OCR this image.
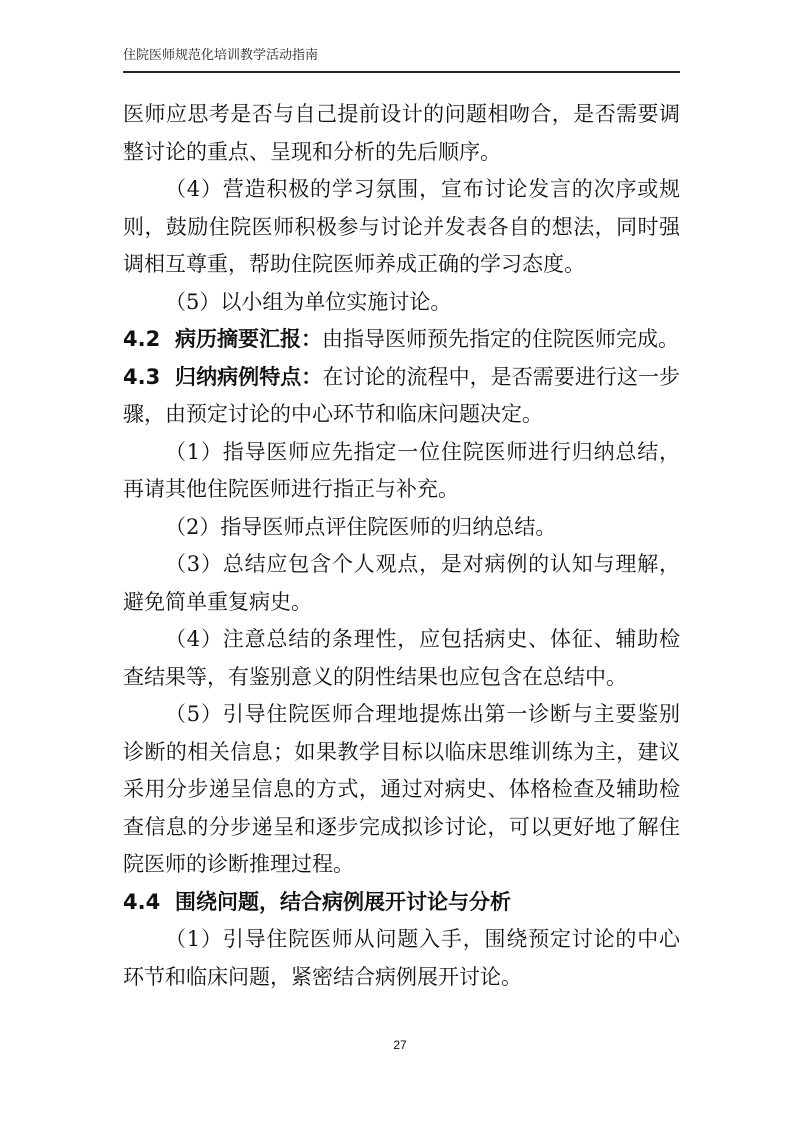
住院医师规范化培训教学活动指南

医师应思考是否与自己提前设计的问题相吻合，是否需要调整讨论的重点、呈现和分析的先后顺序。

（4）营造积极的学习氛围，宣布讨论发言的次序或规则，鼓励住院医师积极参与讨论并发表各自的想法，同时强调相互尊重，帮助住院医师养成正确的学习态度。

（5）以小组为单位实施讨论。

4.2 病历摘要汇报：由指导医师预先指定的住院医师完成。

4.3 归纳病例特点：在讨论的流程中，是否需要进行这一步骤，由预定讨论的中心环节和临床问题决定。

（1）指导医师应先指定一位住院医师进行归纳总结，再请其他住院医师进行指正与补充。

（2）指导医师点评住院医师的归纳总结。

（3）总结应包含个人观点，是对病例的认知与理解，避免简单重复病史。

（4）注意总结的条理性，应包括病史、体征、辅助检查结果等，有鉴别意义的阴性结果也应包含在总结中。

（5）引导住院医师合理地提炼出第一诊断与主要鉴别诊断的相关信息；如果教学目标以临床思维训练为主，建议采用分步递呈信息的方式，通过对病史、体格检查及辅助检查信息的分步递呈和逐步完成拟诊讨论，可以更好地了解住院医师的诊断推理过程。

4.4 围绕问题，结合病例展开讨论与分析

（1）引导住院医师从问题入手，围绕预定讨论的中心环节和临床问题，紧密结合病例展开讨论。

27
